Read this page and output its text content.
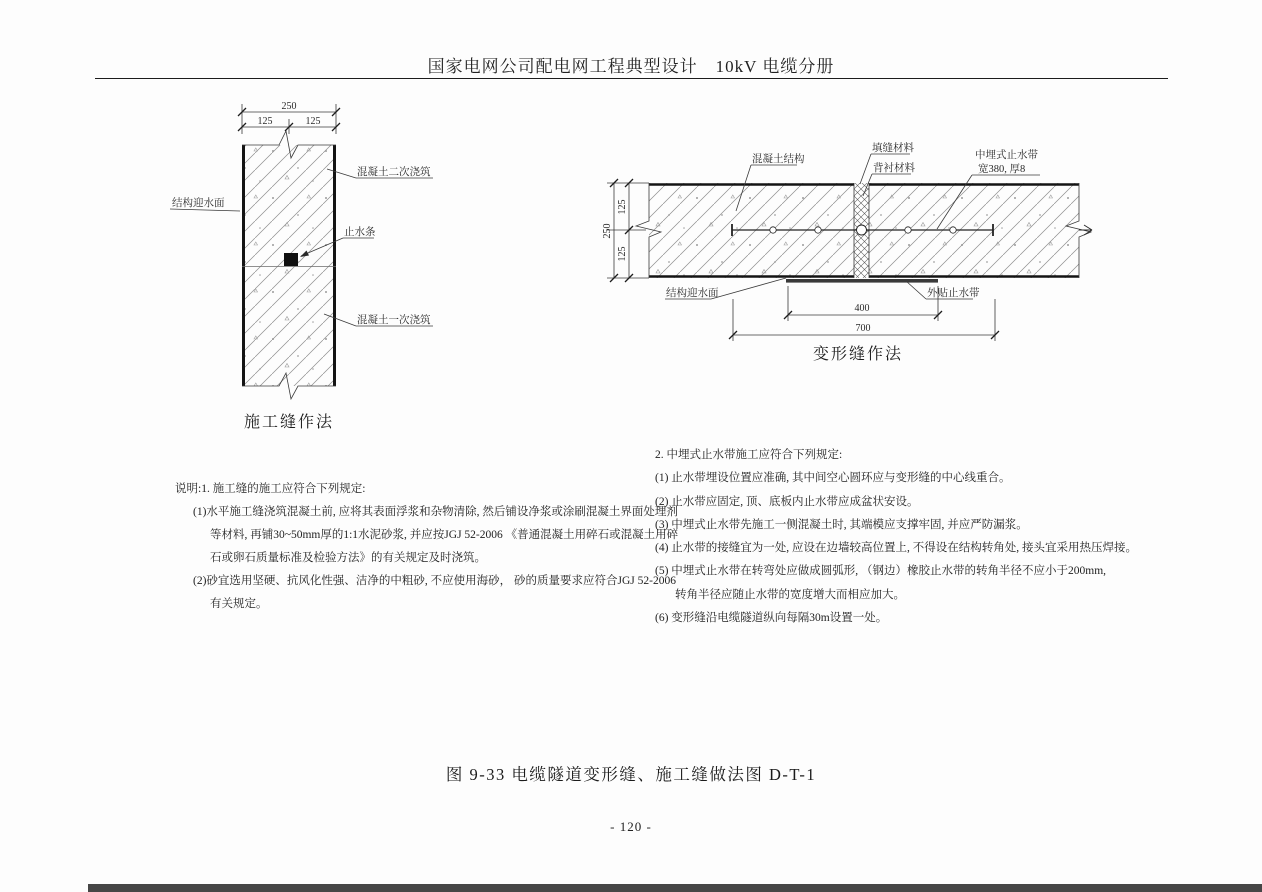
国家电网公司配电网工程典型设计　10kV 电缆分册
250
125	125
结构迎水面
混凝土二次浇筑
止水条
混凝土一次浇筑
施工缝作法
250
125
125
400
700
混凝土结构
填缝材料
背衬材料
中埋式止水带
宽380, 厚8
结构迎水面	外贴止水带
变形缝作法
说明:1. 施工缝的施工应符合下列规定:
(1)水平施工缝浇筑混凝土前, 应将其表面浮浆和杂物清除, 然后铺设净浆或涂刷混凝土界面处理剂
等材料, 再铺30~50mm厚的1:1水泥砂浆, 并应按JGJ 52-2006 《普通混凝土用碎石或混凝土用碎
石或卵石质量标准及检验方法》的有关规定及时浇筑。
(2)砂宜选用坚硬、抗风化性强、洁净的中粗砂, 不应使用海砂， 砂的质量要求应符合JGJ 52-2006
有关规定。
2. 中埋式止水带施工应符合下列规定:
(1) 止水带埋设位置应准确, 其中间空心圆环应与变形缝的中心线重合。
(2) 止水带应固定, 顶、底板内止水带应成盆状安设。
(3) 中埋式止水带先施工一侧混凝土时, 其端模应支撑牢固, 并应严防漏浆。
(4) 止水带的接缝宜为一处, 应设在边墙较高位置上, 不得设在结构转角处, 接头宜采用热压焊接。
(5) 中埋式止水带在转弯处应做成圆弧形, （钢边）橡胶止水带的转角半径不应小于200mm,
转角半径应随止水带的宽度增大而相应加大。
(6) 变形缝沿电缆隧道纵向每隔30m设置一处。
图 9-33 电缆隧道变形缝、施工缝做法图 D-T-1
- 120 -
